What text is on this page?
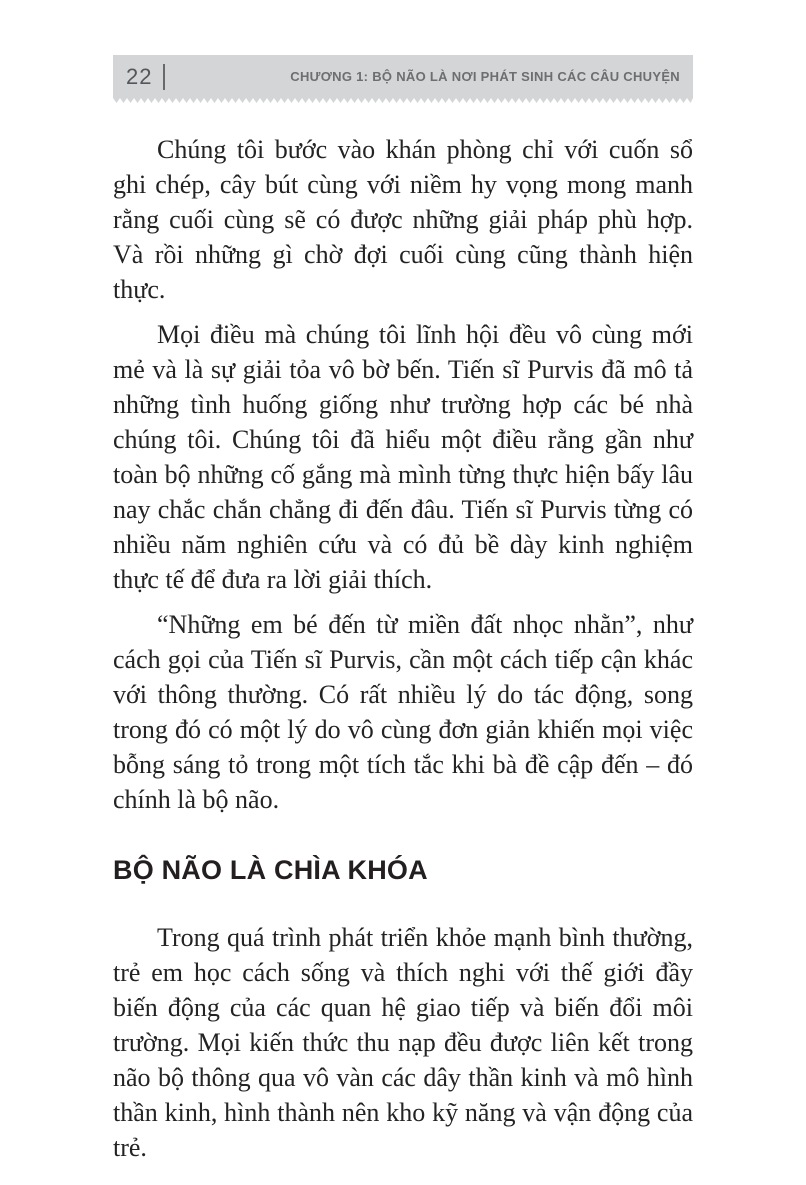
22	CHƯƠNG 1: BỘ NÃO LÀ NƠI PHÁT SINH CÁC CÂU CHUYỆN

Chúng tôi bước vào khán phòng chỉ với cuốn sổ ghi chép, cây bút cùng với niềm hy vọng mong manh rằng cuối cùng sẽ có được những giải pháp phù hợp. Và rồi những gì chờ đợi cuối cùng cũng thành hiện thực.

Mọi điều mà chúng tôi lĩnh hội đều vô cùng mới mẻ và là sự giải tỏa vô bờ bến. Tiến sĩ Purvis đã mô tả những tình huống giống như trường hợp các bé nhà chúng tôi. Chúng tôi đã hiểu một điều rằng gần như toàn bộ những cố gắng mà mình từng thực hiện bấy lâu nay chắc chắn chẳng đi đến đâu. Tiến sĩ Purvis từng có nhiều năm nghiên cứu và có đủ bề dày kinh nghiệm thực tế để đưa ra lời giải thích.

“Những em bé đến từ miền đất nhọc nhằn”, như cách gọi của Tiến sĩ Purvis, cần một cách tiếp cận khác với thông thường. Có rất nhiều lý do tác động, song trong đó có một lý do vô cùng đơn giản khiến mọi việc bỗng sáng tỏ trong một tích tắc khi bà đề cập đến – đó chính là bộ não.

BỘ NÃO LÀ CHÌA KHÓA

Trong quá trình phát triển khỏe mạnh bình thường, trẻ em học cách sống và thích nghi với thế giới đầy biến động của các quan hệ giao tiếp và biến đổi môi trường. Mọi kiến thức thu nạp đều được liên kết trong não bộ thông qua vô vàn các dây thần kinh và mô hình thần kinh, hình thành nên kho kỹ năng và vận động của trẻ.
